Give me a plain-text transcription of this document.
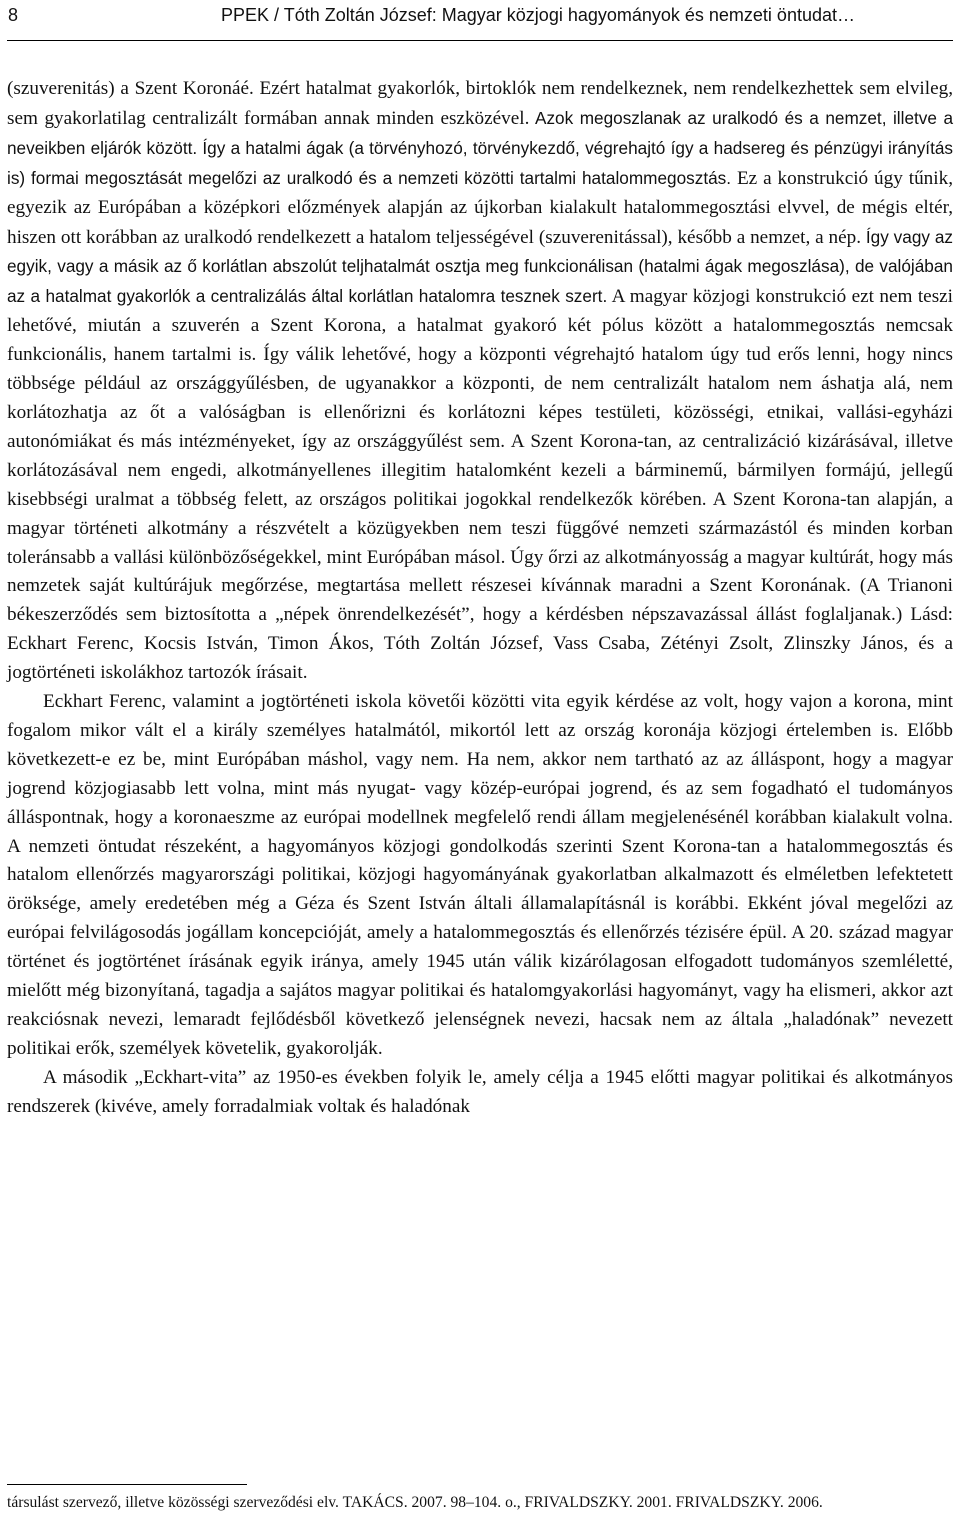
8	PPEK / Tóth Zoltán József: Magyar közjogi hagyományok és nemzeti öntudat…

(szuverenitás) a Szent Koronáé. Ezért hatalmat gyakorlók, birtoklók nem rendelkeznek, nem rendelkezhettek sem elvileg, sem gyakorlatilag centralizált formában annak minden eszközével. Azok megoszlanak az uralkodó és a nemzet, illetve a neveikben eljárók között. Így a hatalmi ágak (a törvényhozó, törvénykezdő, végrehajtó így a hadsereg és pénzügyi irányítás is) formai megosztását megelőzi az uralkodó és a nemzeti közötti tartalmi hatalommegosztás. Ez a konstrukció úgy tűnik, egyezik az Európában a középkori előzmények alapján az újkorban kialakult hatalommegosztási elvvel, de mégis eltér, hiszen ott korábban az uralkodó rendelkezett a hatalom teljességével (szuverenitással), később a nemzet, a nép. Így vagy az egyik, vagy a másik az ő korlátlan abszolút teljhatalmát osztja meg funkcionálisan (hatalmi ágak megoszlása), de valójában az a hatalmat gyakorlók a centralizálás által korlátlan hatalomra tesznek szert. A magyar közjogi konstrukció ezt nem teszi lehetővé, miután a szuverén a Szent Korona, a hatalmat gyakoró két pólus között a hatalommegosztás nemcsak funkcionális, hanem tartalmi is. Így válik lehetővé, hogy a központi végrehajtó hatalom úgy tud erős lenni, hogy nincs többsége például az országgyűlésben, de ugyanakkor a központi, de nem centralizált hatalom nem áshatja alá, nem korlátozhatja az őt a valóságban is ellenőrizni és korlátozni képes testületi, közösségi, etnikai, vallási-egyházi autonómiákat és más intézményeket, így az országgyűlést sem. A Szent Korona-tan, az centralizáció kizárásával, illetve korlátozásával nem engedi, alkotmányellenes illegitim hatalomként kezeli a bárminemű, bármilyen formájú, jellegű kisebbségi uralmat a többség felett, az országos politikai jogokkal rendelkezők körében. A Szent Korona-tan alapján, a magyar történeti alkotmány a részvételt a közügyekben nem teszi függővé nemzeti származástól és minden korban toleránsabb a vallási különbözőségekkel, mint Európában másol. Úgy őrzi az alkotmányosság a magyar kultúrát, hogy más nemzetek saját kultúrájuk megőrzése, megtartása mellett részesei kívánnak maradni a Szent Koronának. (A Trianoni békeszerződés sem biztosította a „népek önrendelkezését”, hogy a kérdésben népszavazással állást foglaljanak.) Lásd: Eckhart Ferenc, Kocsis István, Timon Ákos, Tóth Zoltán József, Vass Csaba, Zétényi Zsolt, Zlinszky János, és a jogtörténeti iskolákhoz tartozók írásait.

Eckhart Ferenc, valamint a jogtörténeti iskola követői közötti vita egyik kérdése az volt, hogy vajon a korona, mint fogalom mikor vált el a király személyes hatalmától, mikortól lett az ország koronája közjogi értelemben is. Előbb következett-e ez be, mint Európában máshol, vagy nem. Ha nem, akkor nem tartható az az álláspont, hogy a magyar jogrend közjogiasabb lett volna, mint más nyugat- vagy közép-európai jogrend, és az sem fogadható el tudományos álláspontnak, hogy a koronaeszme az európai modellnek megfelelő rendi állam megjelenésénél korábban kialakult volna. A nemzeti öntudat részeként, a hagyományos közjogi gondolkodás szerinti Szent Korona-tan a hatalommegosztás és hatalom ellenőrzés magyarországi politikai, közjogi hagyományának gyakorlatban alkalmazott és elméletben lefektetett öröksége, amely eredetében még a Géza és Szent István általi államalapításnál is korábbi. Ekként jóval megelőzi az európai felvilágosodás jogállam koncepcióját, amely a hatalommegosztás és ellenőrzés tézisére épül. A 20. század magyar történet és jogtörténet írásának egyik iránya, amely 1945 után válik kizárólagosan elfogadott tudományos szemléletté, mielőtt még bizonyítaná, tagadja a sajátos magyar politikai és hatalomgyakorlási hagyományt, vagy ha elismeri, akkor azt reakciósnak nevezi, lemaradt fejlődésből következő jelenségnek nevezi, hacsak nem az általa „haladónak” nevezett politikai erők, személyek követelik, gyakorolják.

A második „Eckhart-vita” az 1950-es években folyik le, amely célja a 1945 előtti magyar politikai és alkotmányos rendszerek (kivéve, amely forradalmiak voltak és haladónak

társulást szervező, illetve közösségi szerveződési elv. TAKÁCS. 2007. 98–104. o., FRIVALDSZKY. 2001. FRIVALDSZKY. 2006.
